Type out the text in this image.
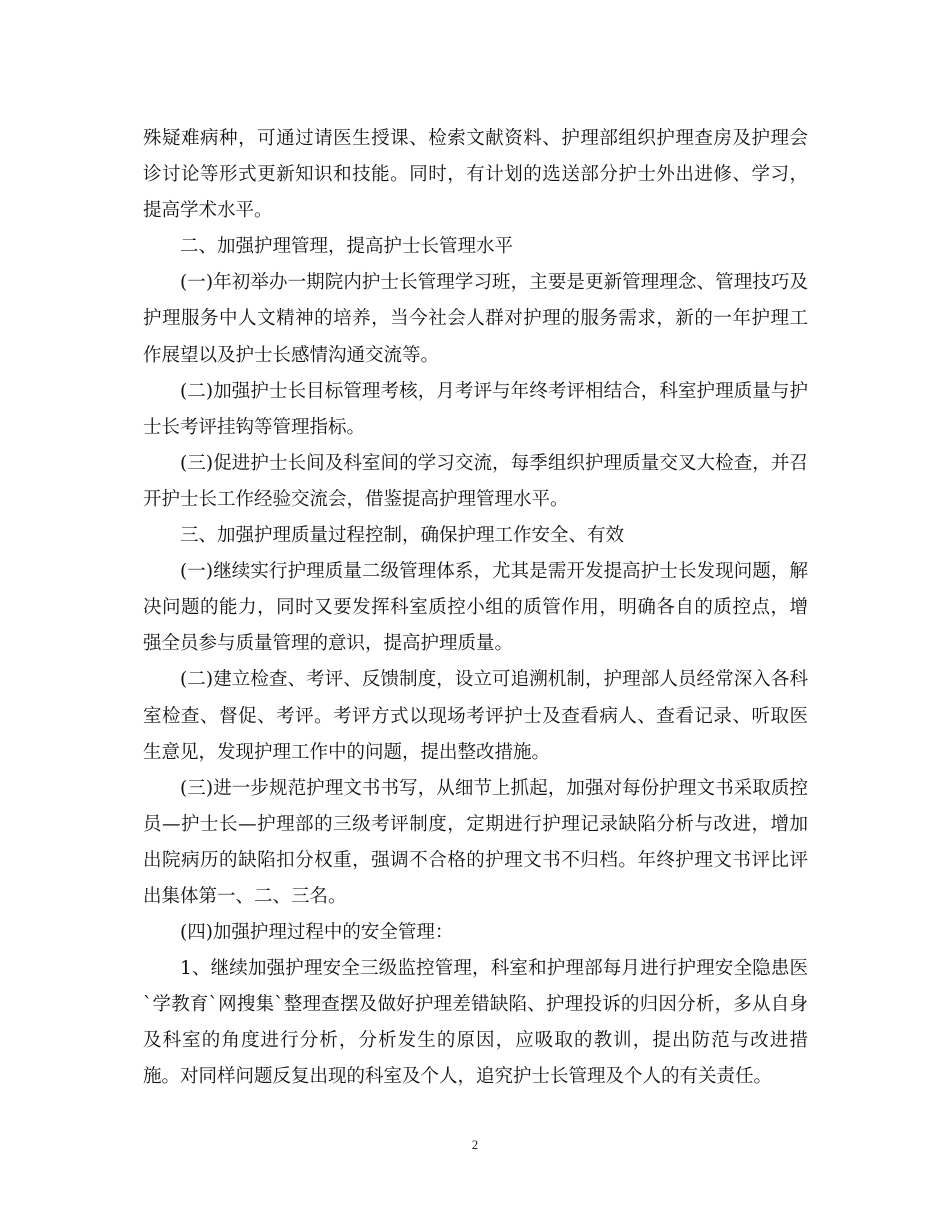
殊疑难病种，可通过请医生授课、检索文献资料、护理部组织护理查房及护理会诊讨论等形式更新知识和技能。同时，有计划的选送部分护士外出进修、学习，提高学术水平。

二、加强护理管理，提高护士长管理水平

(一)年初举办一期院内护士长管理学习班，主要是更新管理理念、管理技巧及护理服务中人文精神的培养，当今社会人群对护理的服务需求，新的一年护理工作展望以及护士长感情沟通交流等。

(二)加强护士长目标管理考核，月考评与年终考评相结合，科室护理质量与护士长考评挂钩等管理指标。

(三)促进护士长间及科室间的学习交流，每季组织护理质量交叉大检查，并召开护士长工作经验交流会，借鉴提高护理管理水平。

三、加强护理质量过程控制，确保护理工作安全、有效

(一)继续实行护理质量二级管理体系，尤其是需开发提高护士长发现问题，解决问题的能力，同时又要发挥科室质控小组的质管作用，明确各自的质控点，增强全员参与质量管理的意识，提高护理质量。

(二)建立检查、考评、反馈制度，设立可追溯机制，护理部人员经常深入各科室检查、督促、考评。考评方式以现场考评护士及查看病人、查看记录、听取医生意见，发现护理工作中的问题，提出整改措施。

(三)进一步规范护理文书书写，从细节上抓起，加强对每份护理文书采取质控员—护士长—护理部的三级考评制度，定期进行护理记录缺陷分析与改进，增加出院病历的缺陷扣分权重，强调不合格的护理文书不归档。年终护理文书评比评出集体第一、二、三名。

(四)加强护理过程中的安全管理：

1、继续加强护理安全三级监控管理，科室和护理部每月进行护理安全隐患医`学教育`网搜集`整理查摆及做好护理差错缺陷、护理投诉的归因分析，多从自身及科室的角度进行分析，分析发生的原因，应吸取的教训，提出防范与改进措施。对同样问题反复出现的科室及个人，追究护士长管理及个人的有关责任。

2
